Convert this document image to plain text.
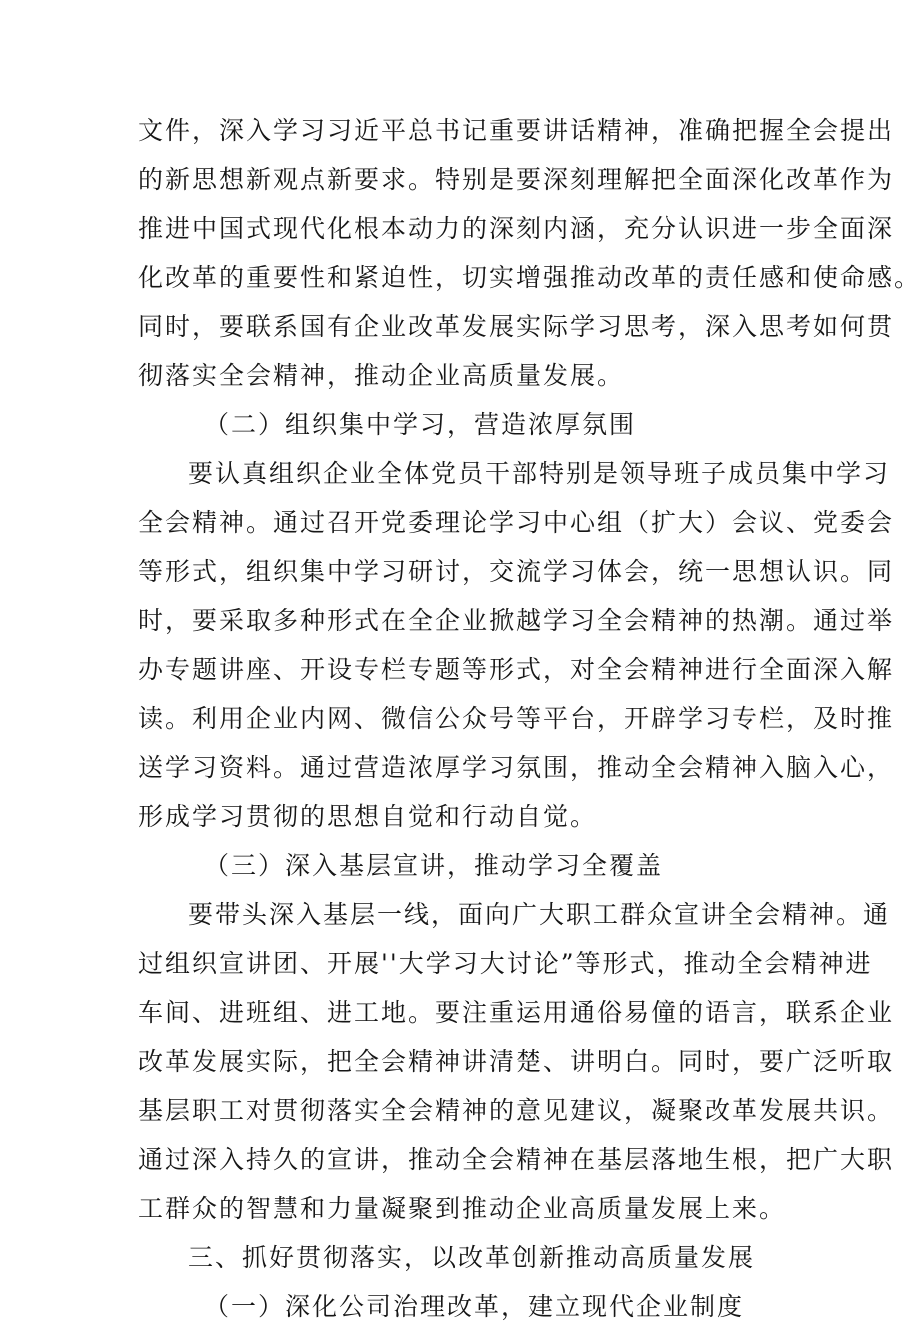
文件，深入学习习近平总书记重要讲话精神，准确把握全会提出
的新思想新观点新要求。特别是要深刻理解把全面深化改革作为
推进中国式现代化根本动力的深刻内涵，充分认识进一步全面深
化改革的重要性和紧迫性，切实增强推动改革的责任感和使命感。
同时，要联系国有企业改革发展实际学习思考，深入思考如何贯
彻落实全会精神，推动企业高质量发展。
（二）组织集中学习，营造浓厚氛围
要认真组织企业全体党员干部特别是领导班子成员集中学习
全会精神。通过召开党委理论学习中心组（扩大）会议、党委会
等形式，组织集中学习研讨，交流学习体会，统一思想认识。同
时，要采取多种形式在全企业掀越学习全会精神的热潮。通过举
办专题讲座、开设专栏专题等形式，对全会精神进行全面深入解
读。利用企业内网、微信公众号等平台，开辟学习专栏，及时推
送学习资料。通过营造浓厚学习氛围，推动全会精神入脑入心，
形成学习贯彻的思想自觉和行动自觉。
（三）深入基层宣讲，推动学习全覆盖
要带头深入基层一线，面向广大职工群众宣讲全会精神。通
过组织宣讲团、开展''大学习大讨论”等形式，推动全会精神进
车间、进班组、进工地。要注重运用通俗易僮的语言，联系企业
改革发展实际，把全会精神讲清楚、讲明白。同时，要广泛听取
基层职工对贯彻落实全会精神的意见建议，凝聚改革发展共识。
通过深入持久的宣讲，推动全会精神在基层落地生根，把广大职
工群众的智慧和力量凝聚到推动企业高质量发展上来。
三、抓好贯彻落实，以改革创新推动高质量发展
（一）深化公司治理改革，建立现代企业制度
